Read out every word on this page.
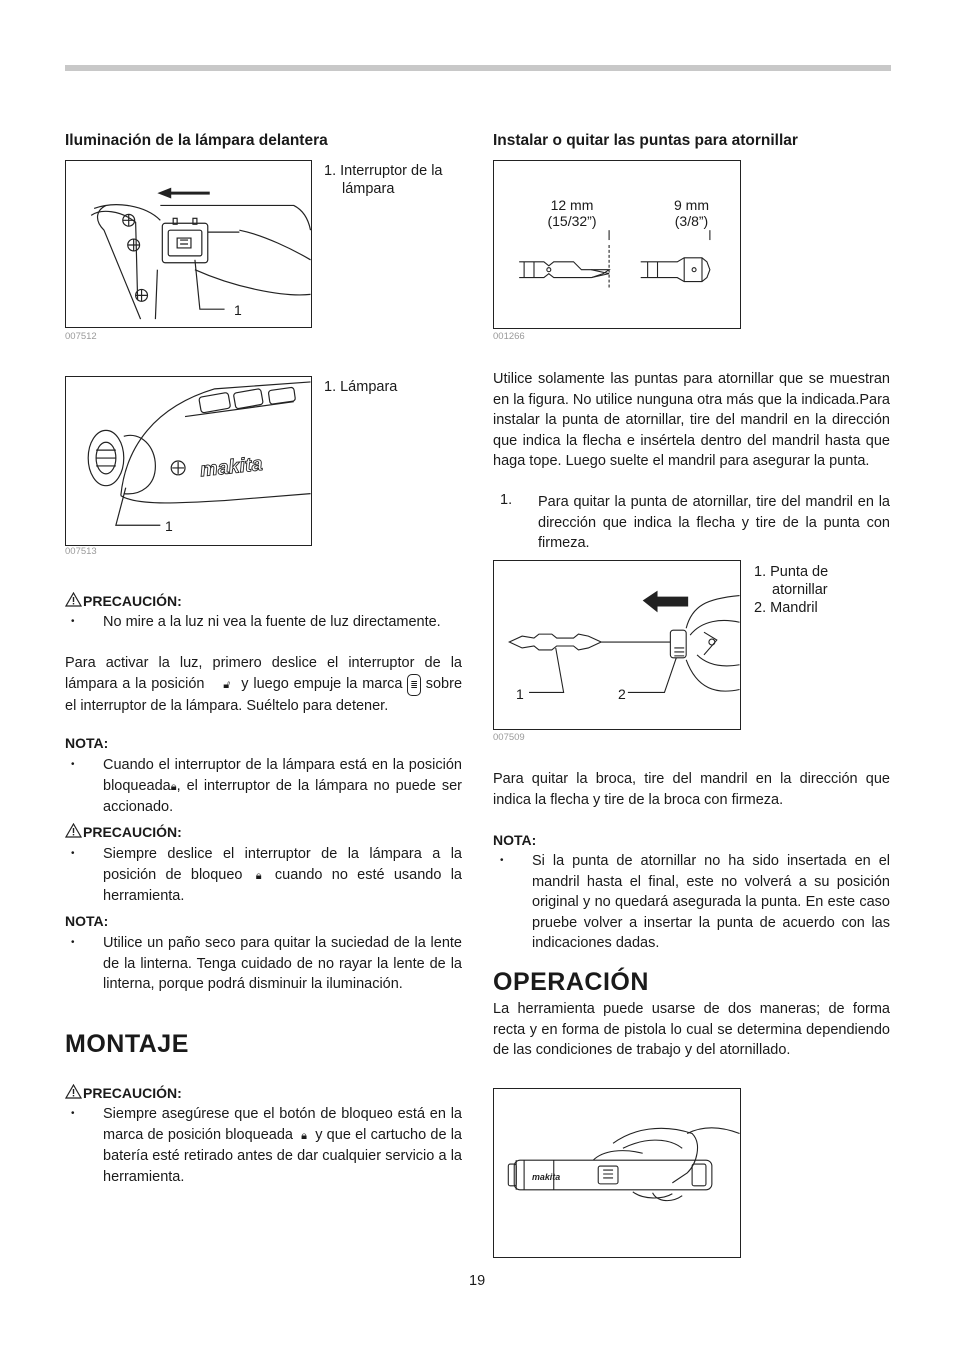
Iluminación de la lámpara delantera
1
1. Interruptor de la
lámpara
007512
makita
1
1. Lámpara
007513
PRECAUCIÓN:
• No mire a la luz ni vea la fuente de luz directamente.
Para activar la luz, primero deslice el interruptor de la lámpara a la posición 🔓︎ y luego empuje la marca ≣ sobre el interruptor de la lámpara. Suéltelo para detener.
NOTA:
• Cuando el interruptor de la lámpara está en la posición bloqueada🔒︎, el interruptor de la lámpara no puede ser accionado.
PRECAUCIÓN:
• Siempre deslice el interruptor de la lámpara a la posición de bloqueo 🔒︎ cuando no esté usando la herramienta.
NOTA:
• Utilice un paño seco para quitar la suciedad de la lente de la linterna. Tenga cuidado de no rayar la lente de la linterna, porque podrá disminuir la iluminación.
MONTAJE
PRECAUCIÓN:
• Siempre asegúrese que el botón de bloqueo está en la marca de posición bloqueada 🔒︎ y que el cartucho de la batería esté retirado antes de dar cualquier servicio a la herramienta.
Instalar o quitar las puntas para atornillar
12 mm
(15/32”)
9 mm
(3/8”)
001266
Utilice solamente las puntas para atornillar que se muestran en la figura. No utilice nunguna otra más que la indicada.Para instalar la punta de atornillar, tire del mandril en la dirección que indica la flecha e insértela dentro del mandril hasta que haga tope. Luego suelte el mandril para asegurar la punta.
1. Para quitar la punta de atornillar, tire del mandril en la dirección que indica la flecha y tire de la punta con firmeza.
1	2
1. Punta de
atornillar
2. Mandril
007509
Para quitar la broca, tire del mandril en la dirección que indica la flecha y tire de la broca con firmeza.
NOTA:
• Si la punta de atornillar no ha sido insertada en el mandril hasta el final, este no volverá a su posición original y no quedará asegurada la punta. En este caso pruebe volver a insertar la punta de acuerdo con las indicaciones dadas.
OPERACIÓN
La herramienta puede usarse de dos maneras; de forma recta y en forma de pistola lo cual se determina dependiendo de las condiciones de trabajo y del atornillado.
makita
19
